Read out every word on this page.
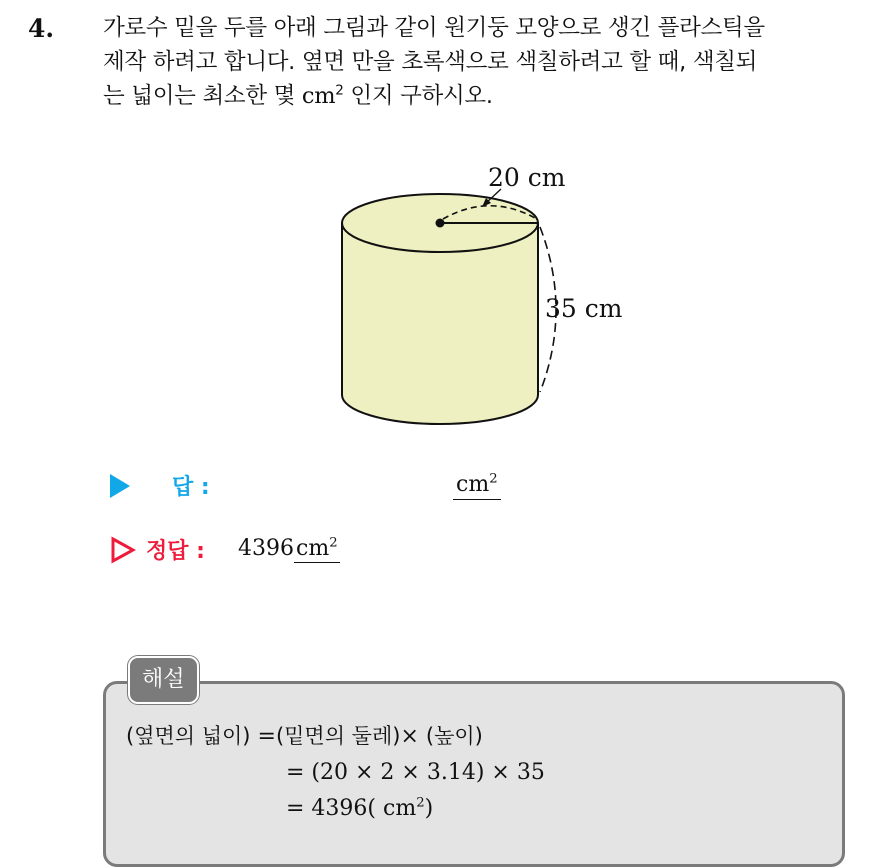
4. 가로수 밑을 두를 아래 그림과 같이 원기둥 모양으로 생긴 플라스틱을
제작 하려고 합니다. 옆면 만을 초록색으로 색칠하려고 할 때, 색칠되
는 넓이는 최소한 몇 $cm^2$ 인지 구하시오.
20 cm
35 cm
답 :	$cm^2$
정답 : $4396cm^2$
해설
(옆면의 넓이) =(밑면의 둘레)× (높이)
= (20 × 2 × 3.14) × 35
= 4396( $cm^2$)
